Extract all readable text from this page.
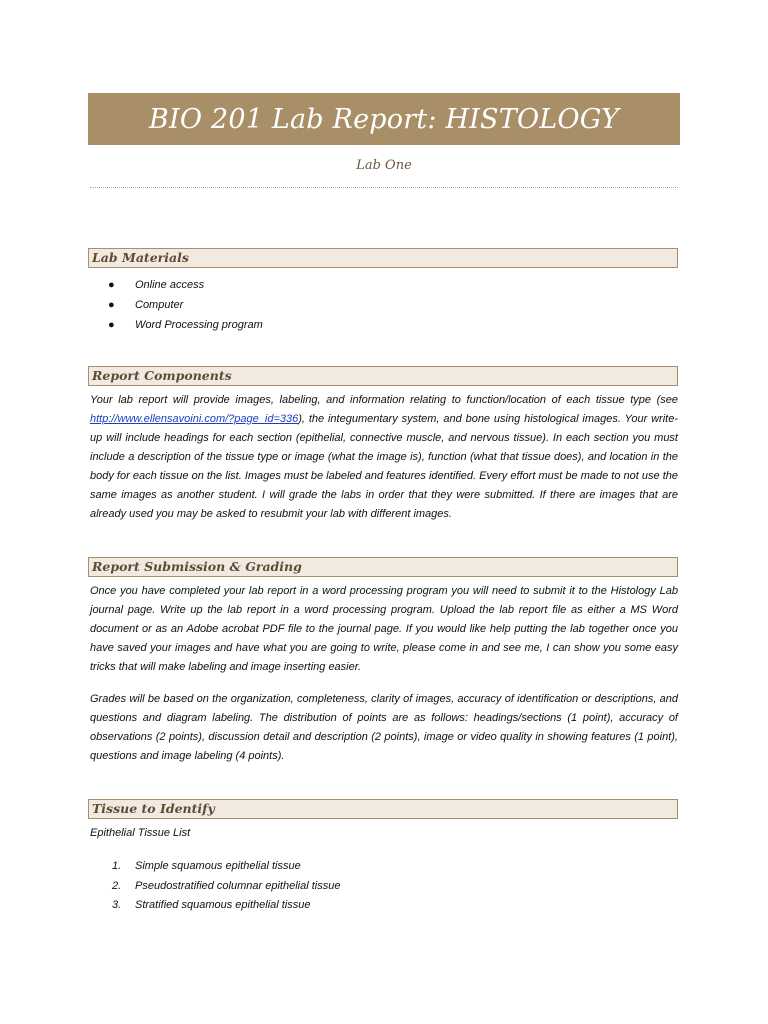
BIO 201 Lab Report: HISTOLOGY
Lab One
Lab Materials
● Online access
● Computer
● Word Processing program
Report Components

Your lab report will provide images, labeling, and information relating to function/location of each tissue type (see http://www.ellensavoini.com/?page_id=336), the integumentary system, and bone using histological images. Your write-up will include headings for each section (epithelial, connective muscle, and nervous tissue). In each section you must include a description of the tissue type or image (what the image is), function (what that tissue does), and location in the body for each tissue on the list. Images must be labeled and features identified. Every effort must be made to not use the same images as another student. I will grade the labs in order that they were submitted. If there are images that are already used you may be asked to resubmit your lab with different images.

Report Submission & Grading

Once you have completed your lab report in a word processing program you will need to submit it to the Histology Lab journal page. Write up the lab report in a word processing program. Upload the lab report file as either a MS Word document or as an Adobe acrobat PDF file to the journal page. If you would like help putting the lab together once you have saved your images and have what you are going to write, please come in and see me, I can show you some easy tricks that will make labeling and image inserting easier.

Grades will be based on the organization, completeness, clarity of images, accuracy of identification or descriptions, and questions and diagram labeling. The distribution of points are as follows: headings/sections (1 point), accuracy of observations (2 points), discussion detail and description (2 points), image or video quality in showing features (1 point), questions and image labeling (4 points).

Tissue to Identify

Epithelial Tissue List

1. Simple squamous epithelial tissue
2. Pseudostratified columnar epithelial tissue
3. Stratified squamous epithelial tissue
